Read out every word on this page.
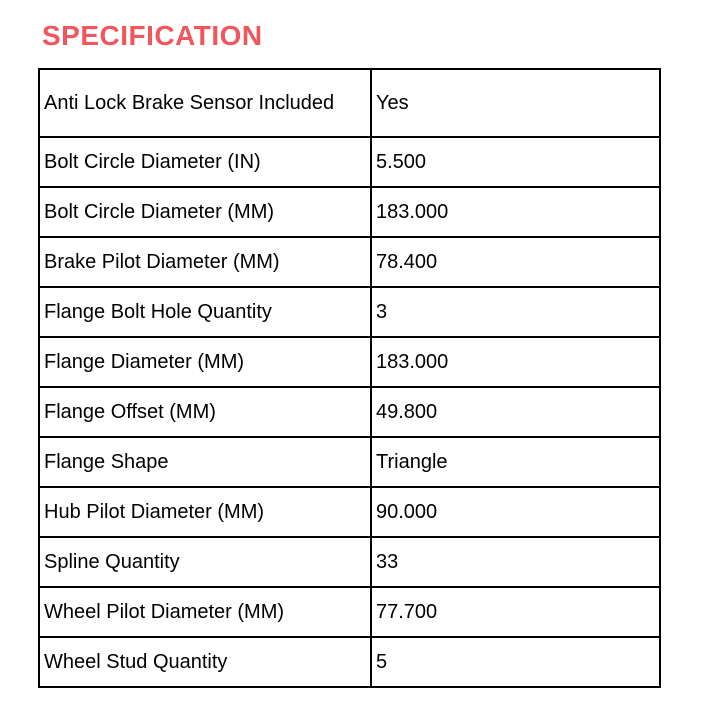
SPECIFICATION
Anti Lock Brake Sensor Included	Yes
Bolt Circle Diameter (IN)	5.500
Bolt Circle Diameter (MM)	183.000
Brake Pilot Diameter (MM)	78.400
Flange Bolt Hole Quantity	3
Flange Diameter (MM)	183.000
Flange Offset (MM)	49.800
Flange Shape	Triangle
Hub Pilot Diameter (MM)	90.000
Spline Quantity	33
Wheel Pilot Diameter (MM)	77.700
Wheel Stud Quantity	5
